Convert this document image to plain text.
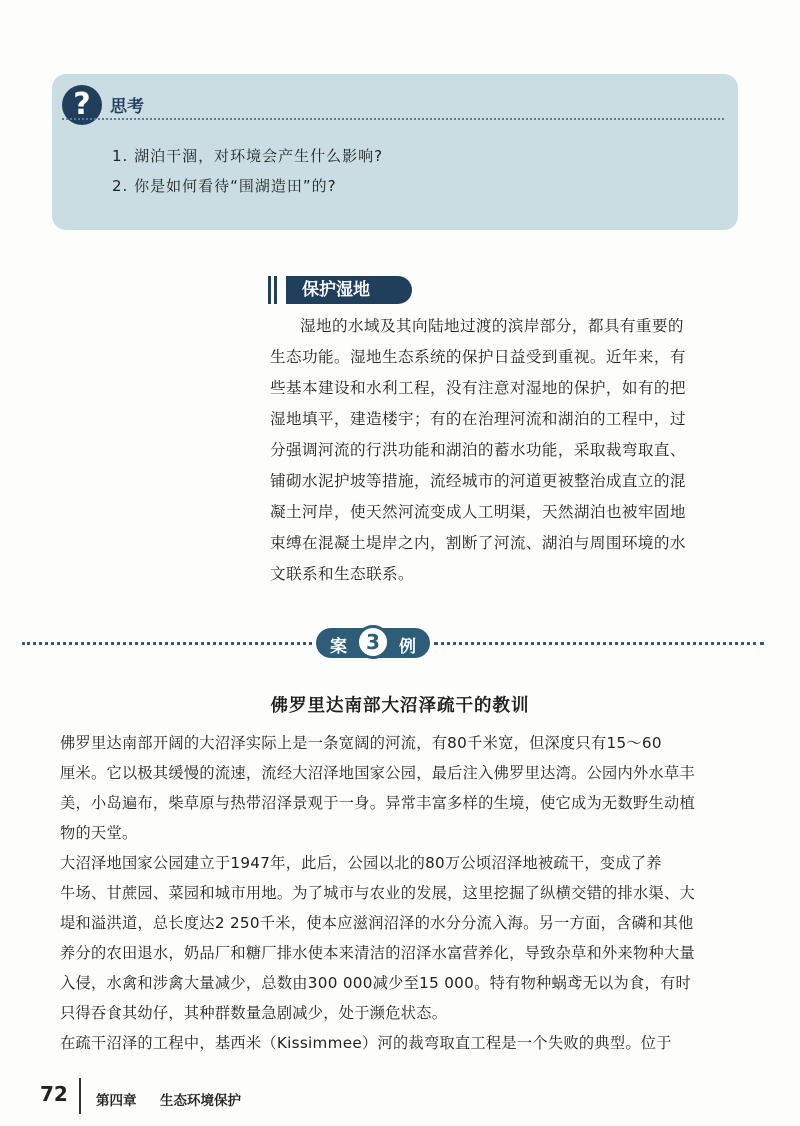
?	思考
1. 湖泊干涸，对环境会产生什么影响?
2. 你是如何看待“围湖造田”的?
保护湿地
湿地的水域及其向陆地过渡的滨岸部分，都具有重要的
生态功能。湿地生态系统的保护日益受到重视。近年来，有
些基本建设和水利工程，没有注意对湿地的保护，如有的把
湿地填平，建造楼宇；有的在治理河流和湖泊的工程中，过
分强调河流的行洪功能和湖泊的蓄水功能，采取裁弯取直、
铺砌水泥护坡等措施，流经城市的河道更被整治成直立的混
凝土河岸，使天然河流变成人工明渠，天然湖泊也被牢固地
束缚在混凝土堤岸之内，割断了河流、湖泊与周围环境的水
文联系和生态联系。
案 3	例
佛罗里达南部大沼泽疏干的教训
佛罗里达南部开阔的大沼泽实际上是一条宽阔的河流，有80千米宽，但深度只有15～60
厘米。它以极其缓慢的流速，流经大沼泽地国家公园，最后注入佛罗里达湾。公园内外水草丰
美，小岛遍布，柴草原与热带沼泽景观于一身。异常丰富多样的生境，使它成为无数野生动植
物的天堂。
大沼泽地国家公园建立于1947年，此后，公园以北的80万公顷沼泽地被疏干，变成了养
牛场、甘蔗园、菜园和城市用地。为了城市与农业的发展，这里挖掘了纵横交错的排水渠、大
堤和溢洪道，总长度达2 250千米，使本应滋润沼泽的水分分流入海。另一方面，含磷和其他
养分的农田退水，奶品厂和糖厂排水使本来清洁的沼泽水富营养化，导致杂草和外来物种大量
入侵，水禽和涉禽大量减少，总数由300 000减少至15 000。特有物种蜗鸢无以为食，有时
只得吞食其幼仔，其种群数量急剧减少，处于濒危状态。
在疏干沼泽的工程中，基西米（Kissimmee）河的裁弯取直工程是一个失败的典型。位于
72 第四章 生态环境保护
